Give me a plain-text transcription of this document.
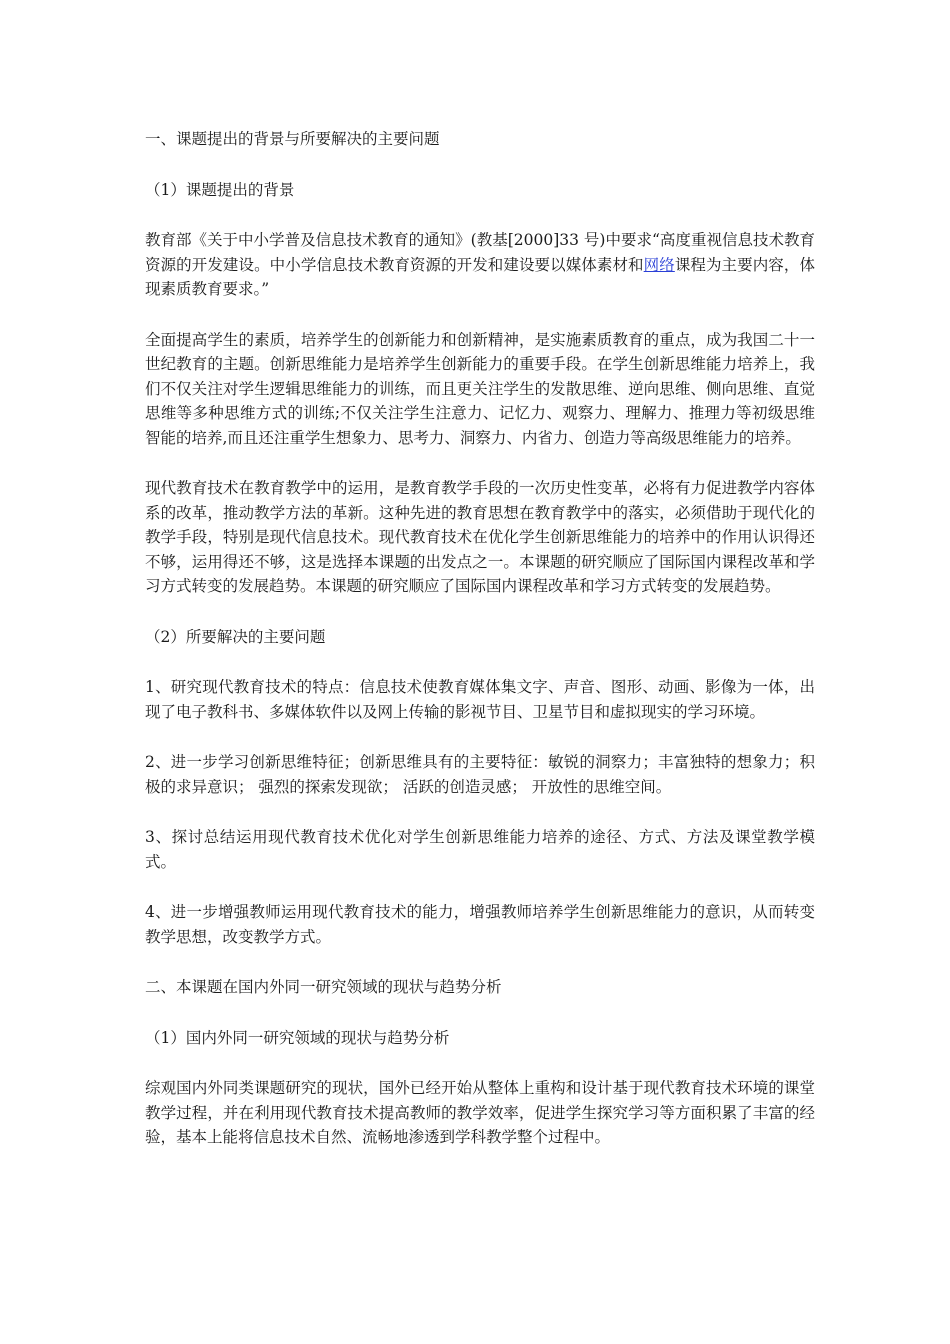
一、课题提出的背景与所要解决的主要问题

（1）课题提出的背景

教育部《关于中小学普及信息技术教育的通知》(教基[2000]33 号)中要求“高度重视信息技术教育资源的开发建设。中小学信息技术教育资源的开发和建设要以媒体素材和网络课程为主要内容，体现素质教育要求。”

全面提高学生的素质，培养学生的创新能力和创新精神，是实施素质教育的重点，成为我国二十一世纪教育的主题。创新思维能力是培养学生创新能力的重要手段。在学生创新思维能力培养上，我们不仅关注对学生逻辑思维能力的训练，而且更关注学生的发散思维、逆向思维、侧向思维、直觉思维等多种思维方式的训练;不仅关注学生注意力、记忆力、观察力、理解力、推理力等初级思维智能的培养,而且还注重学生想象力、思考力、洞察力、内省力、创造力等高级思维能力的培养。

现代教育技术在教育教学中的运用，是教育教学手段的一次历史性变革，必将有力促进教学内容体系的改革，推动教学方法的革新。这种先进的教育思想在教育教学中的落实，必须借助于现代化的教学手段，特别是现代信息技术。现代教育技术在优化学生创新思维能力的培养中的作用认识得还不够，运用得还不够，这是选择本课题的出发点之一。本课题的研究顺应了国际国内课程改革和学习方式转变的发展趋势。本课题的研究顺应了国际国内课程改革和学习方式转变的发展趋势。

（2）所要解决的主要问题

1、研究现代教育技术的特点：信息技术使教育媒体集文字、声音、图形、动画、影像为一体，出现了电子教科书、多媒体软件以及网上传输的影视节目、卫星节目和虚拟现实的学习环境。

2、进一步学习创新思维特征；创新思维具有的主要特征：敏锐的洞察力；丰富独特的想象力；积极的求异意识； 强烈的探索发现欲； 活跃的创造灵感； 开放性的思维空间。

3、探讨总结运用现代教育技术优化对学生创新思维能力培养的途径、方式、方法及课堂教学模式。

4、进一步增强教师运用现代教育技术的能力，增强教师培养学生创新思维能力的意识，从而转变教学思想，改变教学方式。

二、本课题在国内外同一研究领域的现状与趋势分析

（1）国内外同一研究领域的现状与趋势分析

综观国内外同类课题研究的现状，国外已经开始从整体上重构和设计基于现代教育技术环境的课堂教学过程，并在利用现代教育技术提高教师的教学效率，促进学生探究学习等方面积累了丰富的经验，基本上能将信息技术自然、流畅地渗透到学科教学整个过程中。
